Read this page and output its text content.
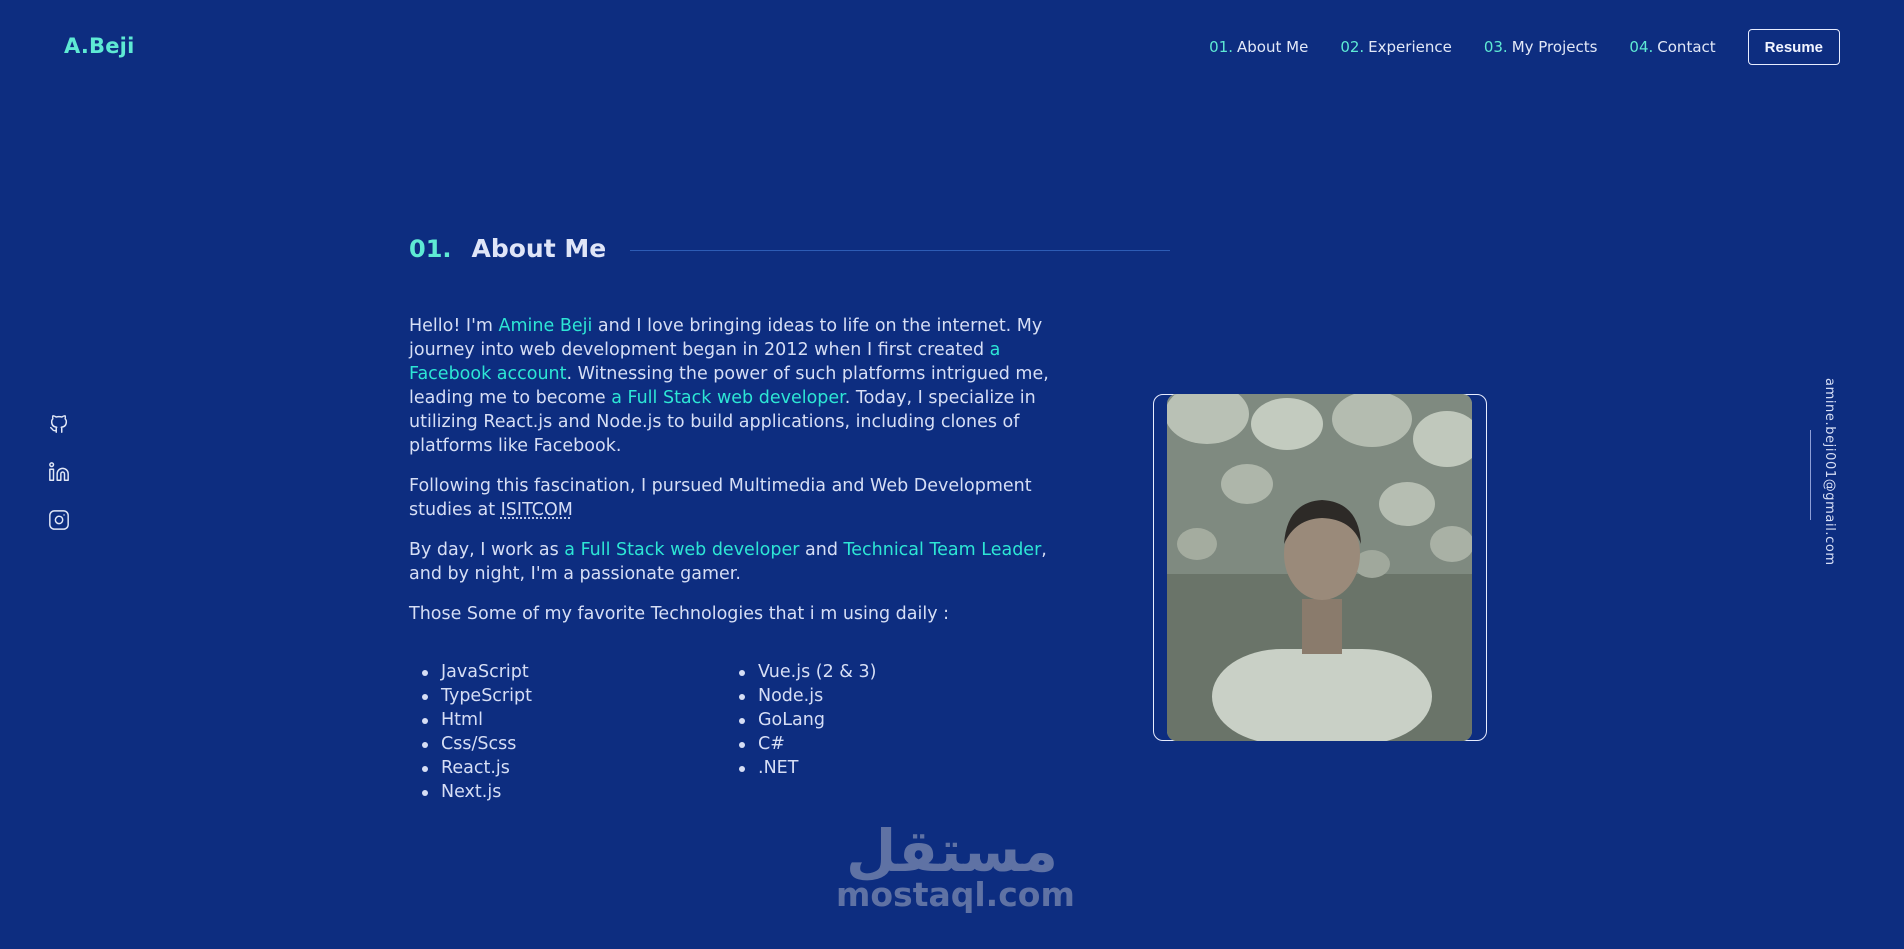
A.Beji	01. About Me 02. Experience 03. My Projects 04. Contact	Resume
amine.beji001@gmail.com
01. About Me

Hello! I'm Amine Beji and I love bringing ideas to life on the internet. My journey into web development began in 2012 when I first created a Facebook account. Witnessing the power of such platforms intrigued me, leading me to become a Full Stack web developer. Today, I specialize in utilizing React.js and Node.js to build applications, including clones of platforms like Facebook.

Following this fascination, I pursued Multimedia and Web Development studies at ISITCOM

By day, I work as a Full Stack web developer and Technical Team Leader, and by night, I'm a passionate gamer.

Those Some of my favorite Technologies that i m using daily :

JavaScript
TypeScript
Html
Css/Scss
React.js
Next.js
Vue.js (2 & 3)
Node.js
GoLang
C#
.NET
مستقل
mostaql.com
